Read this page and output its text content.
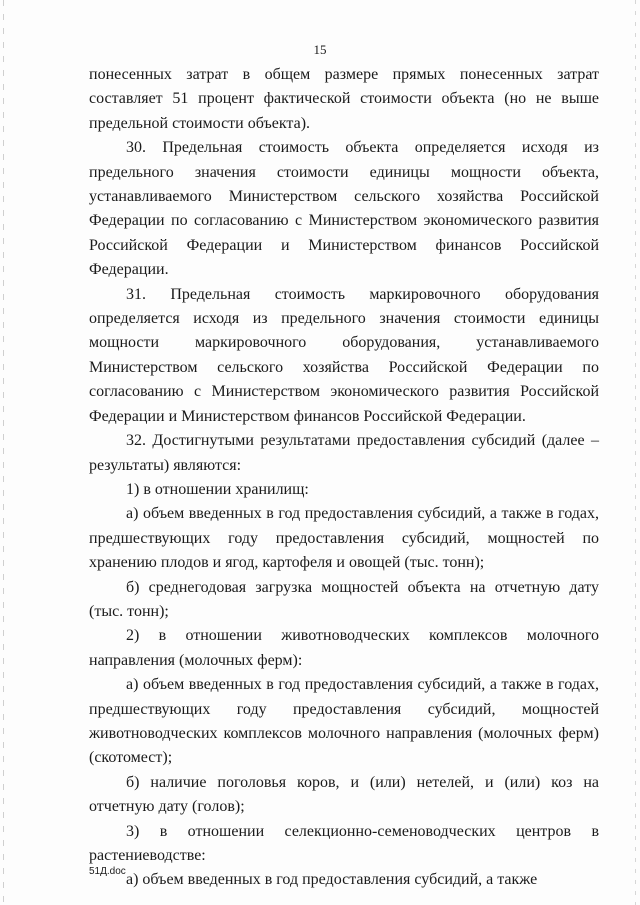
15

понесенных затрат в общем размере прямых понесенных затрат составляет 51 процент фактической стоимости объекта (но не выше предельной стоимости объекта).

30. Предельная стоимость объекта определяется исходя из предельного значения стоимости единицы мощности объекта, устанавливаемого Министерством сельского хозяйства Российской Федерации по согласованию с Министерством экономического развития Российской Федерации и Министерством финансов Российской Федерации.

31. Предельная стоимость маркировочного оборудования определяется исходя из предельного значения стоимости единицы мощности маркировочного оборудования, устанавливаемого Министерством сельского хозяйства Российской Федерации по согласованию с Министерством экономического развития Российской Федерации и Министерством финансов Российской Федерации.

32. Достигнутыми результатами предоставления субсидий (далее – результаты) являются:

1) в отношении хранилищ:

а) объем введенных в год предоставления субсидий, а также в годах, предшествующих году предоставления субсидий, мощностей по хранению плодов и ягод, картофеля и овощей (тыс. тонн);

б) среднегодовая загрузка мощностей объекта на отчетную дату (тыс. тонн);

2) в отношении животноводческих комплексов молочного направления (молочных ферм):

а) объем введенных в год предоставления субсидий, а также в годах, предшествующих году предоставления субсидий, мощностей животноводческих комплексов молочного направления (молочных ферм) (скотомест);

б) наличие поголовья коров, и (или) нетелей, и (или) коз на отчетную дату (голов);

3) в отношении селекционно-семеноводческих центров в растениеводстве:

а) объем введенных в год предоставления субсидий, а также

51Д.doc
